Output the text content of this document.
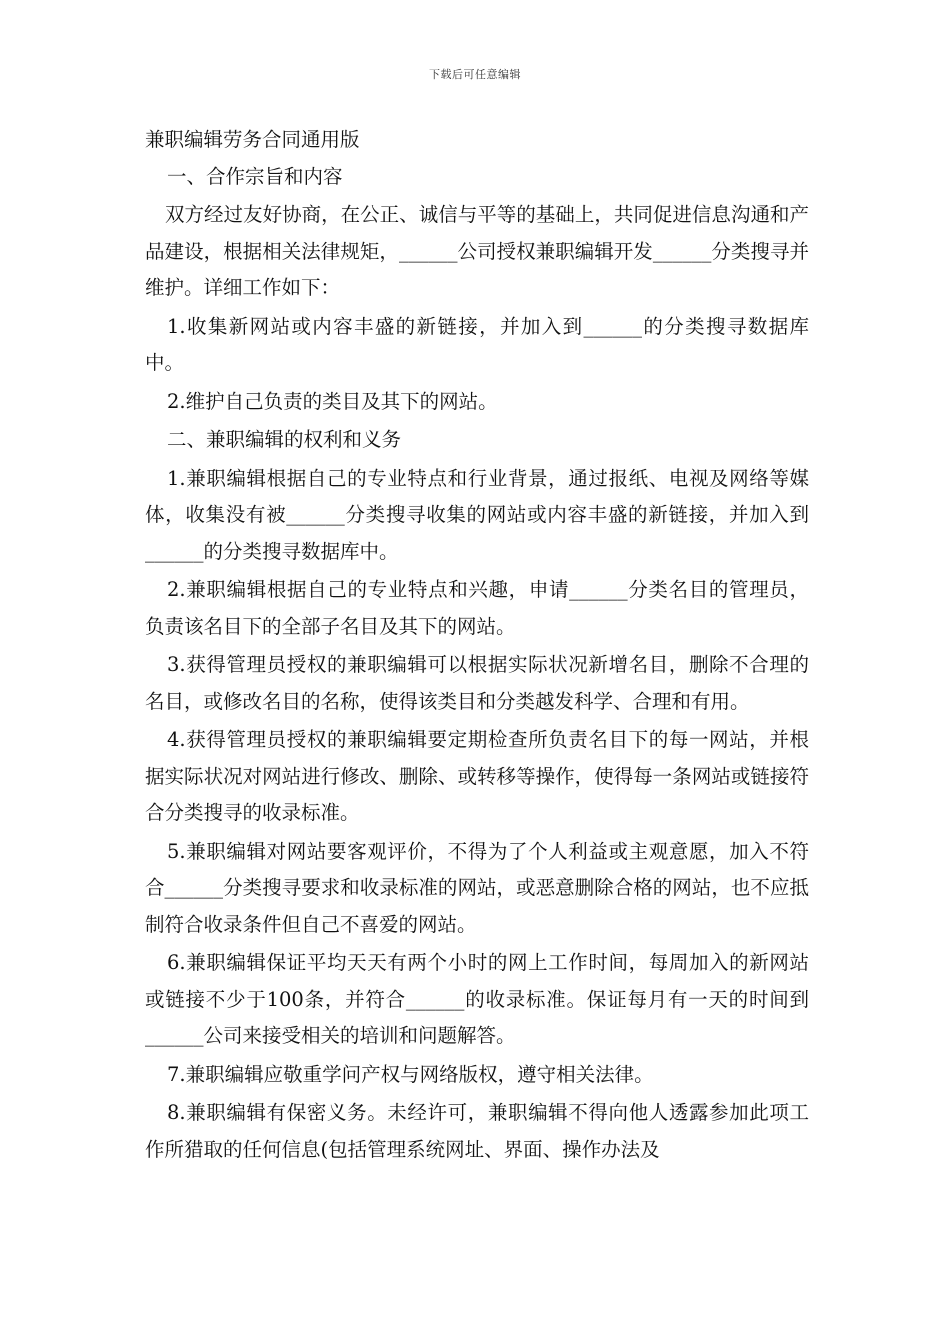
下载后可任意编辑

兼职编辑劳务合同通用版

一、合作宗旨和内容

双方经过友好协商，在公正、诚信与平等的基础上，共同促进信息沟通和产品建设，根据相关法律规矩，______公司授权兼职编辑开发______分类搜寻并维护。详细工作如下：

1.收集新网站或内容丰盛的新链接，并加入到______的分类搜寻数据库中。

2.维护自己负责的类目及其下的网站。

二、兼职编辑的权利和义务

1.兼职编辑根据自己的专业特点和行业背景，通过报纸、电视及网络等媒体，收集没有被______分类搜寻收集的网站或内容丰盛的新链接，并加入到______的分类搜寻数据库中。

2.兼职编辑根据自己的专业特点和兴趣，申请______分类名目的管理员，负责该名目下的全部子名目及其下的网站。

3.获得管理员授权的兼职编辑可以根据实际状况新增名目，删除不合理的名目，或修改名目的名称，使得该类目和分类越发科学、合理和有用。

4.获得管理员授权的兼职编辑要定期检查所负责名目下的每一网站，并根据实际状况对网站进行修改、删除、或转移等操作，使得每一条网站或链接符合分类搜寻的收录标准。

5.兼职编辑对网站要客观评价，不得为了个人利益或主观意愿，加入不符合______分类搜寻要求和收录标准的网站，或恶意删除合格的网站，也不应抵制符合收录条件但自己不喜爱的网站。

6.兼职编辑保证平均天天有两个小时的网上工作时间，每周加入的新网站或链接不少于100条，并符合______的收录标准。保证每月有一天的时间到______公司来接受相关的培训和问题解答。

7.兼职编辑应敬重学问产权与网络版权，遵守相关法律。

8.兼职编辑有保密义务。未经许可，兼职编辑不得向他人透露参加此项工作所猎取的任何信息(包括管理系统网址、界面、操作办法及
